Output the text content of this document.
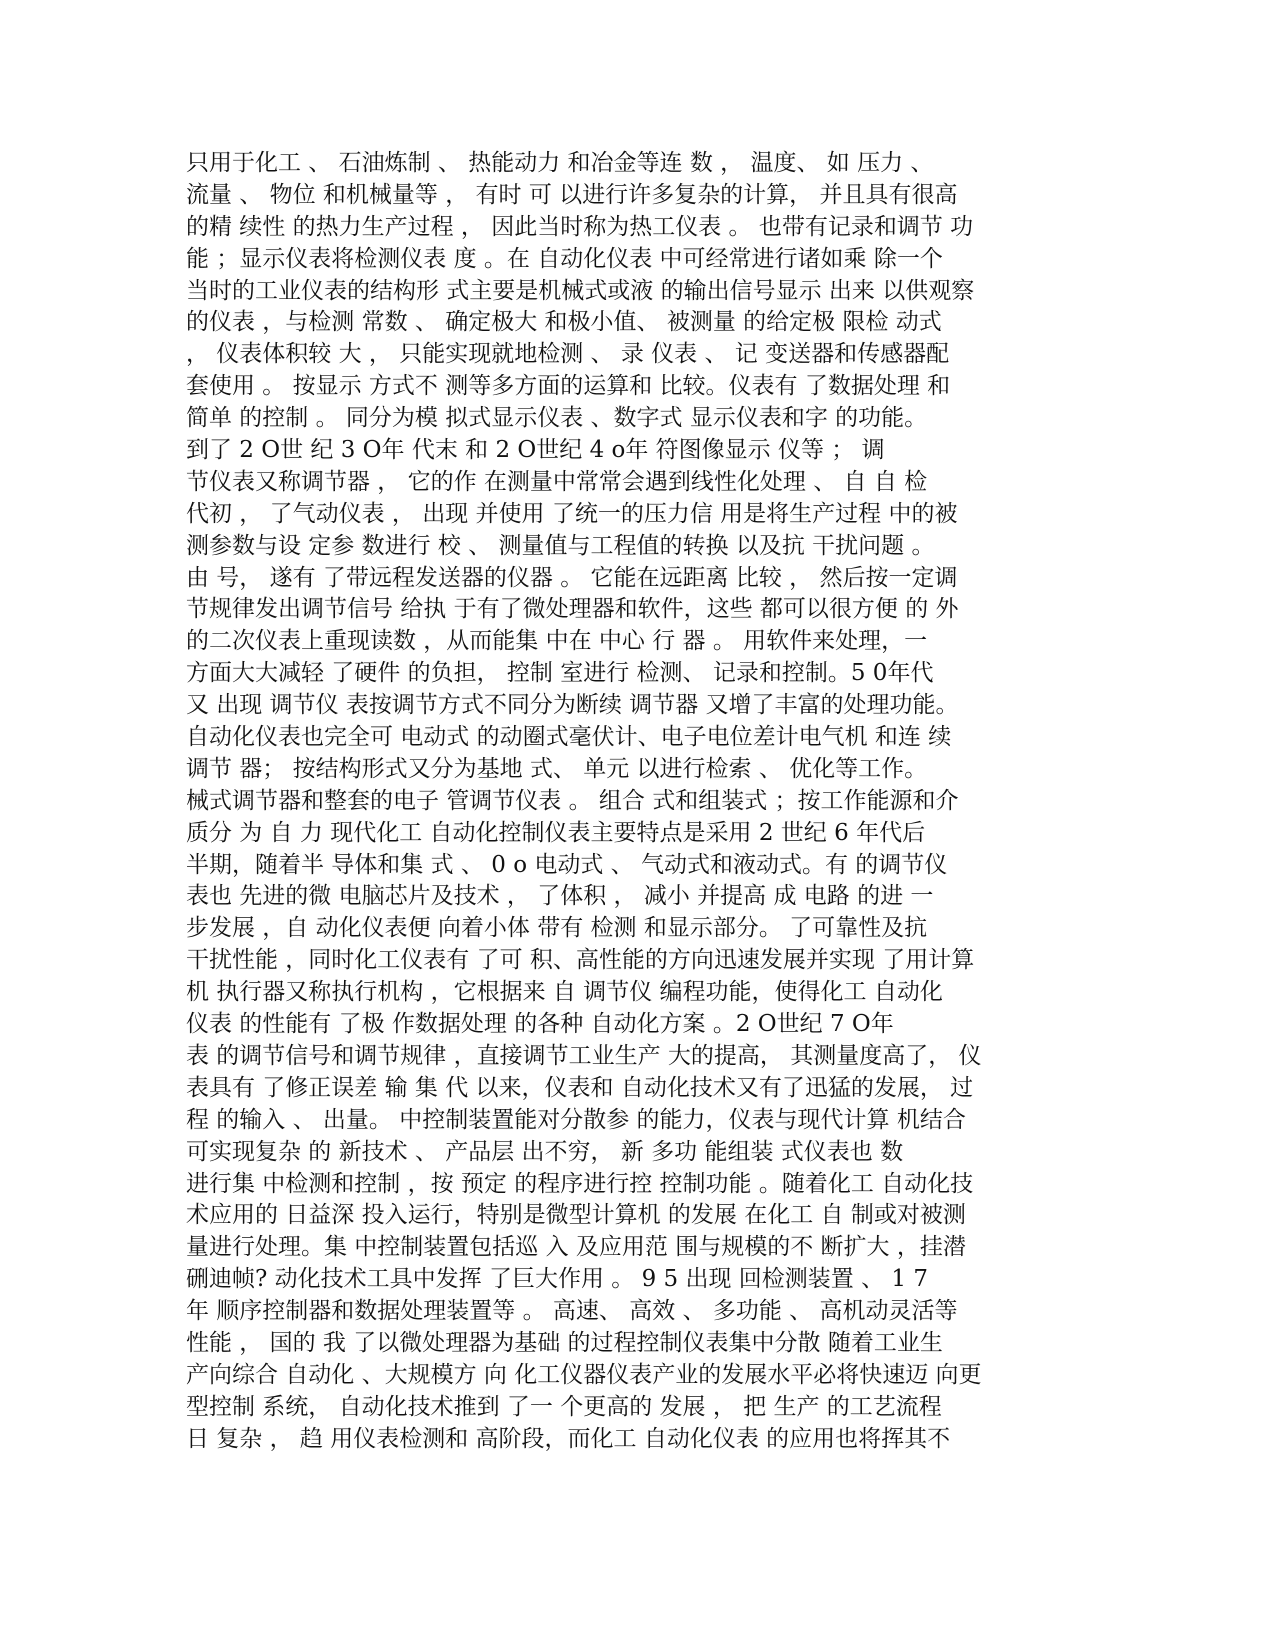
只用于化工 、 石油炼制 、 热能动力 和冶金等连 数 ， 温度、 如 压力 、
流量 、 物位 和机械量等 ， 有时 可 以进行许多复杂的计算， 并且具有很高
的精 续性 的热力生产过程 ， 因此当时称为热工仪表 。 也带有记录和调节 功
能 ；显示仪表将检测仪表 度 。在 自动化仪表 中可经常进行诸如乘 除一个
当时的工业仪表的结构形 式主要是机械式或液 的输出信号显示 出来 以供观察
的仪表 ，与检测 常数 、 确定极大 和极小值、 被测量 的给定极 限检 动式
， 仪表体积较 大 ， 只能实现就地检测 、 录 仪表 、 记 变送器和传感器配
套使用 。 按显示 方式不 测等多方面的运算和 比较。仪表有 了数据处理 和
简单 的控制 。 同分为模 拟式显示仪表 、数字式 显示仪表和字 的功能。
到了 2 O世 纪 3 O年 代末 和 2 O世纪 4 o年 符图像显示 仪等 ； 调
节仪表又称调节器 ， 它的作 在测量中常常会遇到线性化处理 、 自 自 检
代初 ， 了气动仪表 ， 出现 并使用 了统一的压力信 用是将生产过程 中的被
测参数与设 定参 数进行 校 、 测量值与工程值的转换 以及抗 干扰问题 。
由 号， 遂有 了带远程发送器的仪器 。 它能在远距离 比较 ， 然后按一定调
节规律发出调节信号 给执 于有了微处理器和软件，这些 都可以很方便 的 外
的二次仪表上重现读数 ，从而能集 中在 中心 行 器 。 用软件来处理，一
方面大大减轻 了硬件 的负担， 控制 室进行 检测、 记录和控制。5 0年代
又 出现 调节仪 表按调节方式不同分为断续 调节器 又增了丰富的处理功能。
自动化仪表也完全可 电动式 的动圈式毫伏计、电子电位差计电气机 和连 续
调节 器； 按结构形式又分为基地 式、 单元 以进行检索 、 优化等工作。
械式调节器和整套的电子 管调节仪表 。 组合 式和组装式 ；按工作能源和介
质分 为 自 力 现代化工 自动化控制仪表主要特点是采用 2 世纪 6 年代后
半期，随着半 导体和集 式 、 0 o 电动式 、 气动式和液动式。有 的调节仪
表也 先进的微 电脑芯片及技术 ， 了体积 ， 减小 并提高 成 电路 的进 一
步发展 ，自 动化仪表便 向着小体 带有 检测 和显示部分。 了可靠性及抗
干扰性能 ，同时化工仪表有 了可 积、高性能的方向迅速发展并实现 了用计算
机 执行器又称执行机构 ，它根据来 自 调节仪 编程功能，使得化工 自动化
仪表 的性能有 了极 作数据处理 的各种 自动化方案 。2 O世纪 7 O年
表 的调节信号和调节规律 ，直接调节工业生产 大的提高， 其测量度高了， 仪
表具有 了修正误差 输 集 代 以来，仪表和 自动化技术又有了迅猛的发展， 过
程 的输入 、 出量。 中控制装置能对分散参 的能力，仪表与现代计算 机结合
可实现复杂 的 新技术 、 产品层 出不穷， 新 多功 能组装 式仪表也 数
进行集 中检测和控制 ，按 预定 的程序进行控 控制功能 。随着化工 自动化技
术应用的 日益深 投入运行，特别是微型计算机 的发展 在化工 自 制或对被测
量进行处理。集 中控制装置包括巡 入 及应用范 围与规模的不 断扩大 ，挂潜
硎迪帧? 动化技术工具中发挥 了巨大作用 。 9 5 出现 回检测装置 、 1 7
年 顺序控制器和数据处理装置等 。 高速、 高效 、 多功能 、 高机动灵活等
性能 ， 国的 我 了以微处理器为基础 的过程控制仪表集中分散 随着工业生
产向综合 自动化 、大规模方 向 化工仪器仪表产业的发展水平必将快速迈 向更
型控制 系统， 自动化技术推到 了一 个更高的 发展 ， 把 生产 的工艺流程
日 复杂 ， 趋 用仪表检测和 高阶段，而化工 自动化仪表 的应用也将挥其不
